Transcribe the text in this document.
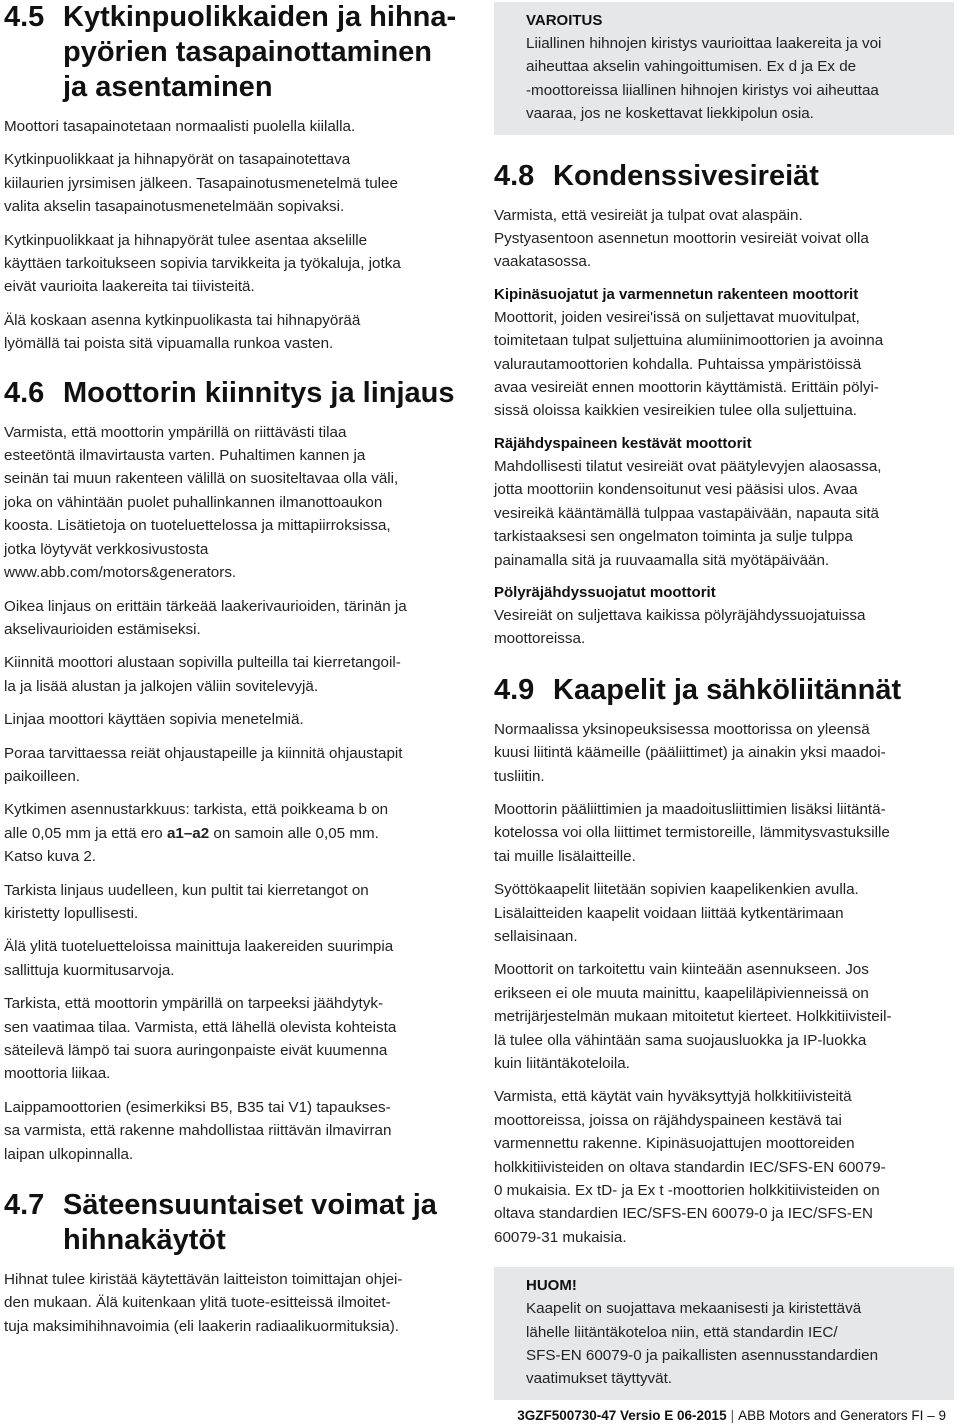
4.5 Kytkinpuolikkaiden ja hihna-
pyörien tasapainottaminen
ja asentaminen

Moottori tasapainotetaan normaalisti puolella kiilalla.

Kytkinpuolikkaat ja hihnapyörät on tasapainotettava
kiilaurien jyrsimisen jälkeen. Tasapainotusmenetelmä tulee
valita akselin tasapainotusmenetelmään sopivaksi.

Kytkinpuolikkaat ja hihnapyörät tulee asentaa akselille
käyttäen tarkoitukseen sopivia tarvikkeita ja työkaluja, jotka
eivät vaurioita laakereita tai tiivisteitä.

Älä koskaan asenna kytkinpuolikasta tai hihnapyörää
lyömällä tai poista sitä vipuamalla runkoa vasten.

4.6 Moottorin kiinnitys ja linjaus

Varmista, että moottorin ympärillä on riittävästi tilaa
esteetöntä ilmavirtausta varten. Puhaltimen kannen ja
seinän tai muun rakenteen välillä on suositeltavaa olla väli,
joka on vähintään puolet puhallinkannen ilmanottoaukon
koosta. Lisätietoja on tuoteluettelossa ja mittapiirroksissa,
jotka löytyvät verkkosivustosta
www.abb.com/motors&generators.

Oikea linjaus on erittäin tärkeää laakerivaurioiden, tärinän ja
akselivaurioiden estämiseksi.

Kiinnitä moottori alustaan sopivilla pulteilla tai kierretangoil-
la ja lisää alustan ja jalkojen väliin sovitelevyjä.

Linjaa moottori käyttäen sopivia menetelmiä.

Poraa tarvittaessa reiät ohjaustapeille ja kiinnitä ohjaustapit
paikoilleen.

Kytkimen asennustarkkuus: tarkista, että poikkeama b on
alle 0,05 mm ja että ero a1–a2 on samoin alle 0,05 mm.
Katso kuva 2.

Tarkista linjaus uudelleen, kun pultit tai kierretangot on
kiristetty lopullisesti.

Älä ylitä tuoteluetteloissa mainittuja laakereiden suurimpia
sallittuja kuormitusarvoja.

Tarkista, että moottorin ympärillä on tarpeeksi jäähdytyk-
sen vaatimaa tilaa. Varmista, että lähellä olevista kohteista
säteilevä lämpö tai suora auringonpaiste eivät kuumenna
moottoria liikaa.

Laippamoottorien (esimerkiksi B5, B35 tai V1) tapaukses-
sa varmista, että rakenne mahdollistaa riittävän ilmavirran
laipan ulkopinnalla.

4.7 Säteensuuntaiset voimat ja
hihnakäytöt

Hihnat tulee kiristää käytettävän laitteiston toimittajan ohjei-
den mukaan. Älä kuitenkaan ylitä tuote-esitteissä ilmoitet-
tuja maksimihihnavoimia (eli laakerin radiaalikuormituksia).

VAROITUS

Liiallinen hihnojen kiristys vaurioittaa laakereita ja voi
aiheuttaa akselin vahingoittumisen. Ex d ja Ex de
-moottoreissa liiallinen hihnojen kiristys voi aiheuttaa
vaaraa, jos ne koskettavat liekkipolun osia.

4.8 Kondenssivesireiät

Varmista, että vesireiät ja tulpat ovat alaspäin.
Pystyasentoon asennetun moottorin vesireiät voivat olla
vaakatasossa.

Kipinäsuojatut ja varmennetun rakenteen moottorit

Moottorit, joiden vesirei'issä on suljettavat muovitulpat,
toimitetaan tulpat suljettuina alumiinimoottorien ja avoinna
valurautamoottorien kohdalla. Puhtaissa ympäristöissä
avaa vesireiät ennen moottorin käyttämistä. Erittäin pölyi-
sissä oloissa kaikkien vesireikien tulee olla suljettuina.

Räjähdyspaineen kestävät moottorit

Mahdollisesti tilatut vesireiät ovat päätylevyjen alaosassa,
jotta moottoriin kondensoitunut vesi pääsisi ulos. Avaa
vesireikä kääntämällä tulppaa vastapäivään, napauta sitä
tarkistaaksesi sen ongelmaton toiminta ja sulje tulppa
painamalla sitä ja ruuvaamalla sitä myötäpäivään.

Pölyräjähdyssuojatut moottorit

Vesireiät on suljettava kaikissa pölyräjähdyssuojatuissa
moottoreissa.

4.9 Kaapelit ja sähköliitännät

Normaalissa yksinopeuksisessa moottorissa on yleensä
kuusi liitintä käämeille (pääliittimet) ja ainakin yksi maadoi-
tusliitin.

Moottorin pääliittimien ja maadoitusliittimien lisäksi liitäntä-
kotelossa voi olla liittimet termistoreille, lämmitysvastuksille
tai muille lisälaitteille.

Syöttökaapelit liitetään sopivien kaapelikenkien avulla.
Lisälaitteiden kaapelit voidaan liittää kytkentärimaan
sellaisinaan.

Moottorit on tarkoitettu vain kiinteään asennukseen. Jos
erikseen ei ole muuta mainittu, kaapeliläpivienneissä on
metrijärjestelmän mukaan mitoitetut kierteet. Holkkitiivisteil-
lä tulee olla vähintään sama suojausluokka ja IP-luokka
kuin liitäntäkoteloila.

Varmista, että käytät vain hyväksyttyjä holkkitiivisteitä
moottoreissa, joissa on räjähdyspaineen kestävä tai
varmennettu rakenne. Kipinäsuojattujen moottoreiden
holkkitiivisteiden on oltava standardin IEC/SFS-EN 60079-
0 mukaisia. Ex tD- ja Ex t -moottorien holkkitiivisteiden on
oltava standardien IEC/SFS-EN 60079-0 ja IEC/SFS-EN
60079-31 mukaisia.

HUOM!

Kaapelit on suojattava mekaanisesti ja kiristettävä
lähelle liitäntäkoteloa niin, että standardin IEC/
SFS-EN 60079-0 ja paikallisten asennusstandardien
vaatimukset täyttyvät.

3GZF500730-47 Versio E 06-2015 | ABB Motors and Generators FI – 9
